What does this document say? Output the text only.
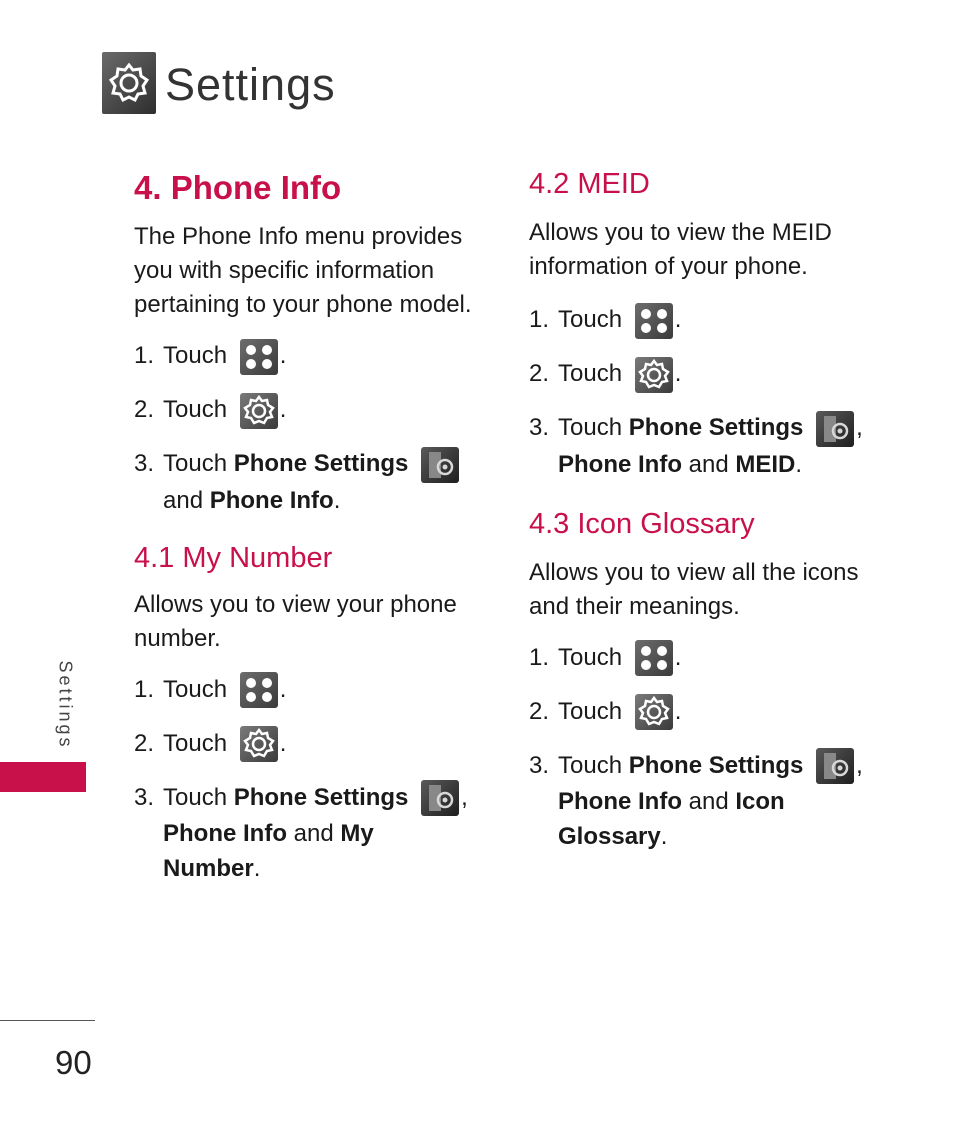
Settings
Settings
90
4. Phone Info

The Phone Info menu provides you with specific information pertaining to your phone model.

1. Touch .
2. Touch .
3. Touch Phone Settings

and Phone Info.
4.1 My Number

Allows you to view your phone number.

1. Touch .
2. Touch .
3. Touch Phone Settings ,
Phone Info and My Number.
4.2 MEID

Allows you to view the MEID information of your phone.

1. Touch .
2. Touch .
3. Touch Phone Settings ,
Phone Info and MEID.
4.3 Icon Glossary

Allows you to view all the icons and their meanings.

1. Touch .
2. Touch .
3. Touch Phone Settings ,
Phone Info and Icon Glossary.
